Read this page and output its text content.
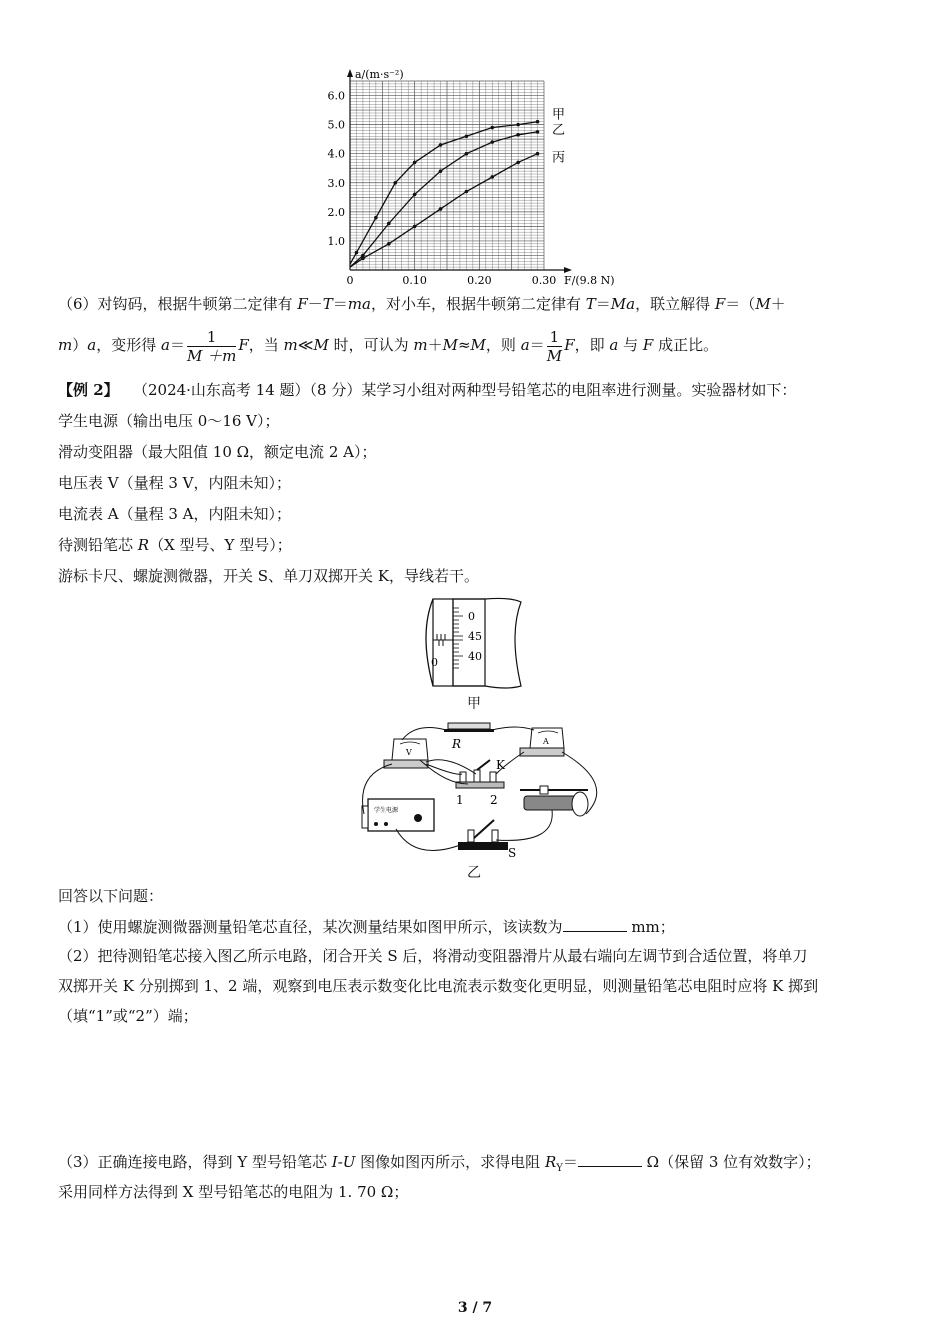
0	0.10	0.20	0.30
1.0
2.0
3.0
4.0
5.0
6.0
a/(m·s⁻²)
F/(9.8 N)
甲
乙
丙
（6）对钩码，根据牛顿第二定律有 F－T＝ma，对小车，根据牛顿第二定律有 T＝Ma，联立解得 F＝（M＋
m）a，变形得 $a= \frac{1}{M +m}$ F，当 m≪M 时，可认为 m＋M≈M，则 $a= \frac{1}{M}$ F，即 a 与 F 成正比。
【例 2】 （2024·山东高考 14 题）（8 分）某学习小组对两种型号铅笔芯的电阻率进行测量。实验器材如下：
学生电源（输出电压 0～16 V）；
滑动变阻器（最大阻值 10 Ω，额定电流 2 A）；
电压表 V（量程 3 V，内阻未知）；
电流表 A（量程 3 A，内阻未知）；
待测铅笔芯 R（X 型号、Y 型号）；
游标卡尺、螺旋测微器，开关 S、单刀双掷开关 K，导线若干。
0
45
40
0
甲
R
V
A
K
1 2
学生电源
S
乙
回答以下问题：
（1）使用螺旋测微器测量铅笔芯直径，某次测量结果如图甲所示，该读数为	mm；
（2）把待测铅笔芯接入图乙所示电路，闭合开关 S 后，将滑动变阻器滑片从最右端向左调节到合适位置，将单刀
双掷开关 K 分别掷到 1、2 端，观察到电压表示数变化比电流表示数变化更明显，则测量铅笔芯电阻时应将 K 掷到
（填“1”或“2”）端；
（3）正确连接电路，得到 Y 型号铅笔芯 I-U 图像如图丙所示，求得电阻 $R_Y=$	Ω（保留 3 位有效数字）；
采用同样方法得到 X 型号铅笔芯的电阻为 1. 70 Ω；
3 / 7
